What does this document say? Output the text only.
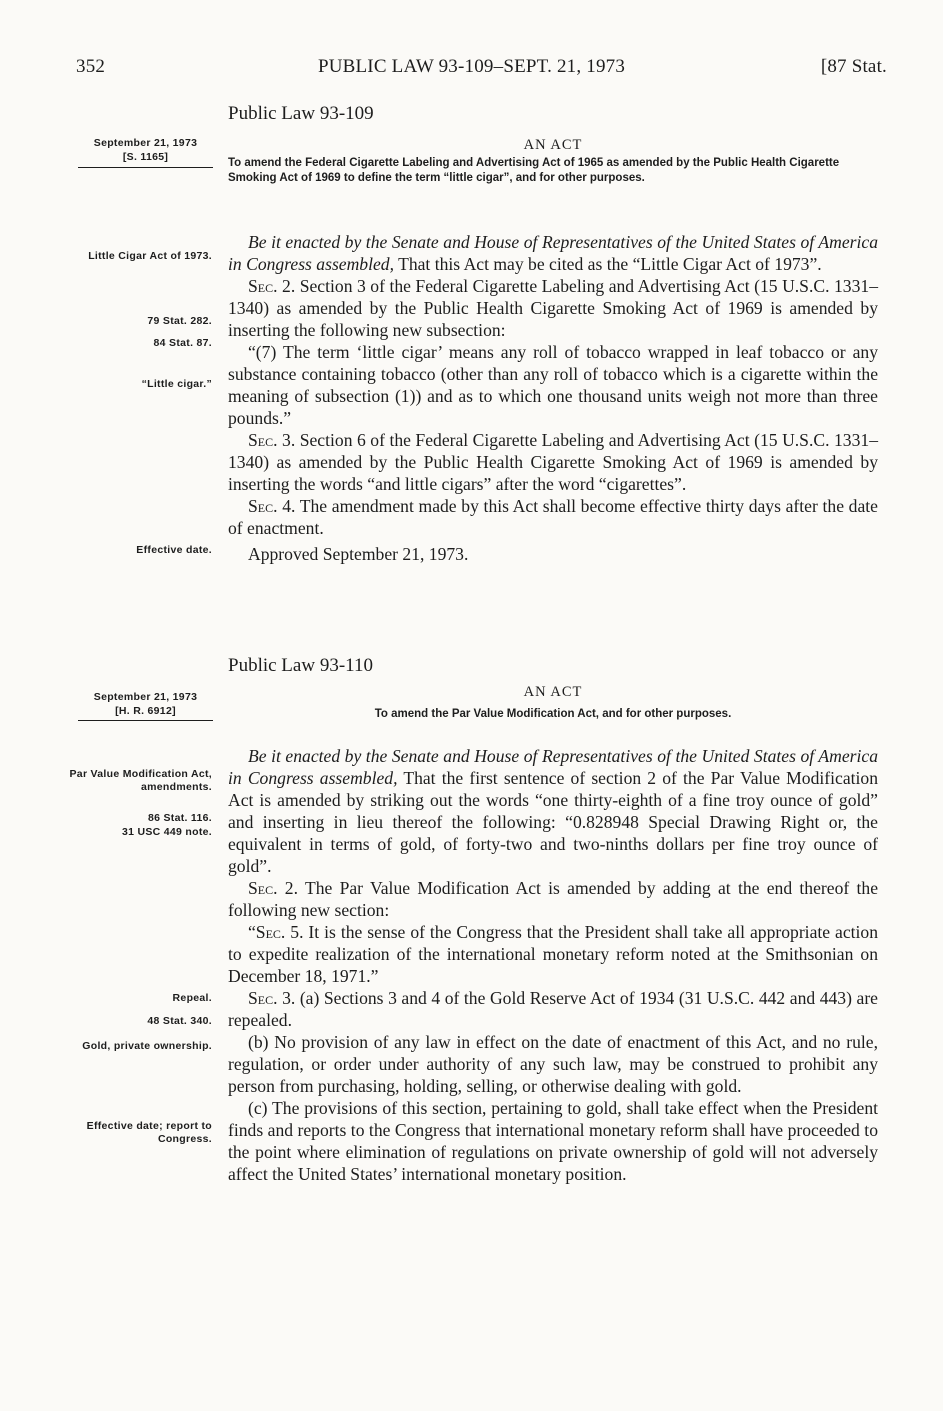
352	PUBLIC LAW 93-109–SEPT. 21, 1973	[87 Stat.
Public Law 93-109
September 21, 1973
[S. 1165]
AN ACT
To amend the Federal Cigarette Labeling and Advertising Act of 1965 as amended by the Public Health Cigarette Smoking Act of 1969 to define the term “little cigar”, and for other purposes.
Little Cigar Act of 1973.
79 Stat. 282.
84 Stat. 87.
“Little cigar.”
Effective date.

Be it enacted by the Senate and House of Representatives of the United States of America in Congress assembled, That this Act may be cited as the “Little Cigar Act of 1973”.

Sec. 2. Section 3 of the Federal Cigarette Labeling and Advertising Act (15 U.S.C. 1331–1340) as amended by the Public Health Cigarette Smoking Act of 1969 is amended by inserting the following new subsection:

“(7) The term ‘little cigar’ means any roll of tobacco wrapped in leaf tobacco or any substance containing tobacco (other than any roll of tobacco which is a cigarette within the meaning of subsection (1)) and as to which one thousand units weigh not more than three pounds.”

Sec. 3. Section 6 of the Federal Cigarette Labeling and Advertising Act (15 U.S.C. 1331–1340) as amended by the Public Health Cigarette Smoking Act of 1969 is amended by inserting the words “and little cigars” after the word “cigarettes”.

Sec. 4. The amendment made by this Act shall become effective thirty days after the date of enactment.

Approved September 21, 1973.

Public Law 93-110
September 21, 1973
[H. R. 6912]
AN ACT
To amend the Par Value Modification Act, and for other purposes.
Par Value Modification Act, amendments.
86 Stat. 116.
31 USC 449 note.
Repeal.
48 Stat. 340.
Gold, private ownership.
Effective date; report to Congress.

Be it enacted by the Senate and House of Representatives of the United States of America in Congress assembled, That the first sentence of section 2 of the Par Value Modification Act is amended by striking out the words “one thirty-eighth of a fine troy ounce of gold” and inserting in lieu thereof the following: “0.828948 Special Drawing Right or, the equivalent in terms of gold, of forty-two and two-ninths dollars per fine troy ounce of gold”.

Sec. 2. The Par Value Modification Act is amended by adding at the end thereof the following new section:

“Sec. 5. It is the sense of the Congress that the President shall take all appropriate action to expedite realization of the international monetary reform noted at the Smithsonian on December 18, 1971.”

Sec. 3. (a) Sections 3 and 4 of the Gold Reserve Act of 1934 (31 U.S.C. 442 and 443) are repealed.

(b) No provision of any law in effect on the date of enactment of this Act, and no rule, regulation, or order under authority of any such law, may be construed to prohibit any person from purchasing, holding, selling, or otherwise dealing with gold.

(c) The provisions of this section, pertaining to gold, shall take effect when the President finds and reports to the Congress that international monetary reform shall have proceeded to the point where elimination of regulations on private ownership of gold will not adversely affect the United States’ international monetary position.
